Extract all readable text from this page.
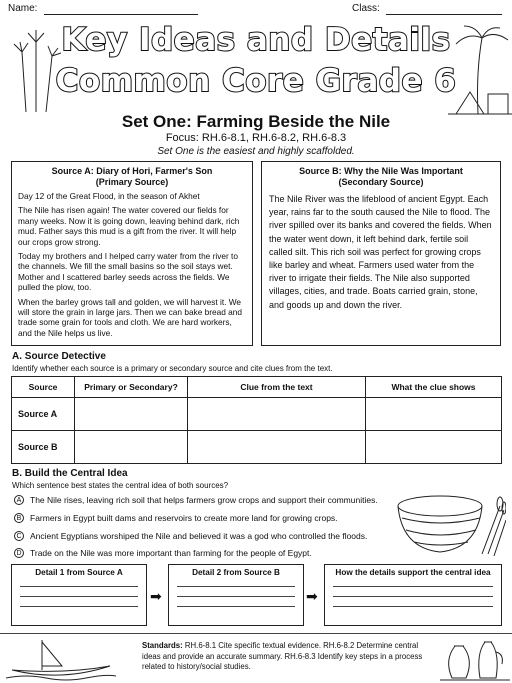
Name:	Class:
Key Ideas and Details
Common Core Grade 6
Set One: Farming Beside the Nile
Focus: RH.6-8.1, RH.6-8.2, RH.6-8.3
Set One is the easiest and highly scaffolded.
Source A: Diary of Hori, Farmer's Son
(Primary Source)

Day 12 of the Great Flood, in the season of Akhet

The Nile has risen again! The water covered our fields for many weeks. Now it is going down, leaving behind dark, rich mud. Father says this mud is a gift from the river. It will help our crops grow strong.

Today my brothers and I helped carry water from the river to the channels. We fill the small basins so the soil stays wet. Mother and I scattered barley seeds across the fields. We pulled the plow, too.

When the barley grows tall and golden, we will harvest it. We will store the grain in large jars. Then we can bake bread and trade some grain for tools and cloth. We are hard workers, and the Nile helps us live.

Source B: Why the Nile Was Important
(Secondary Source)

The Nile River was the lifeblood of ancient Egypt. Each year, rains far to the south caused the Nile to flood. The river spilled over its banks and covered the fields. When the water went down, it left behind dark, fertile soil called silt. This rich soil was perfect for growing crops like barley and wheat. Farmers used water from the river to irrigate their fields. The Nile also supported villages, cities, and trade. Boats carried grain, stone, and goods up and down the river.

A. Source Detective
Identify whether each source is a primary or secondary source and cite clues from the text.
Source	Primary or Secondary?	Clue from the text	What the clue shows
Source A			
Source B			
B. Build the Central Idea
Which sentence best states the central idea of both sources?
A	The Nile rises, leaving rich soil that helps farmers grow crops and support their communities.
B	Farmers in Egypt built dams and reservoirs to create more land for growing crops.
C Ancient Egyptians worshiped the Nile and believed it was a god who controlled the floods.
D Trade on the Nile was more important than farming for the people of Egypt.
Detail 1 from Source A
➡
Detail 2 from Source B
➡
How the details support the central idea
Standards: RH.6-8.1 Cite specific textual evidence. RH.6-8.2 Determine central ideas and provide an accurate summary. RH.6-8.3 Identify key steps in a process related to history/social studies.
